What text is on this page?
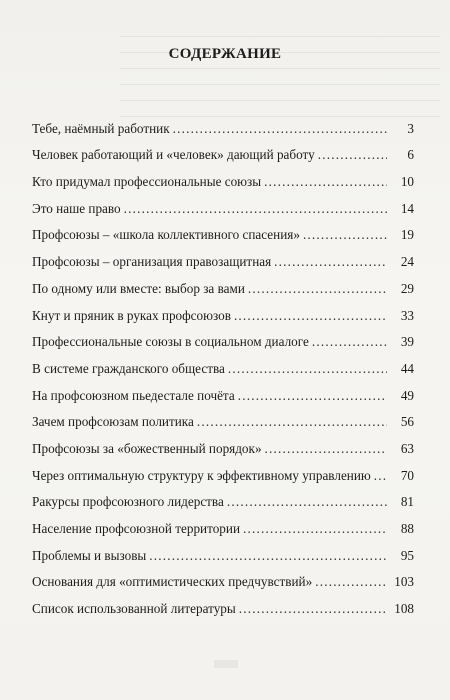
СОДЕРЖАНИЕ
Тебе, наёмный работник .....	3
Человек работающий и «человек» дающий работу .....	6
Кто придумал профессиональные союзы .....	10
Это наше право .....	14
Профсоюзы – «школа коллективного спасения» .....	19
Профсоюзы – организация правозащитная .....	24
По одному или вместе: выбор за вами .....	29
Кнут и пряник в руках профсоюзов .....	33
Профессиональные союзы в социальном диалоге .....	39
В системе гражданского общества .....	44
На профсоюзном пьедестале почёта .....	49
Зачем профсоюзам политика .....	56
Профсоюзы за «божественный порядок» .....	63
Через оптимальную структуру к эффективному управлению .....	70
Ракурсы профсоюзного лидерства .....	81
Население профсоюзной территории .....	88
Проблемы и вызовы .....	95
Основания для «оптимистических предчувствий» .....	103
Список использованной литературы .....	108
